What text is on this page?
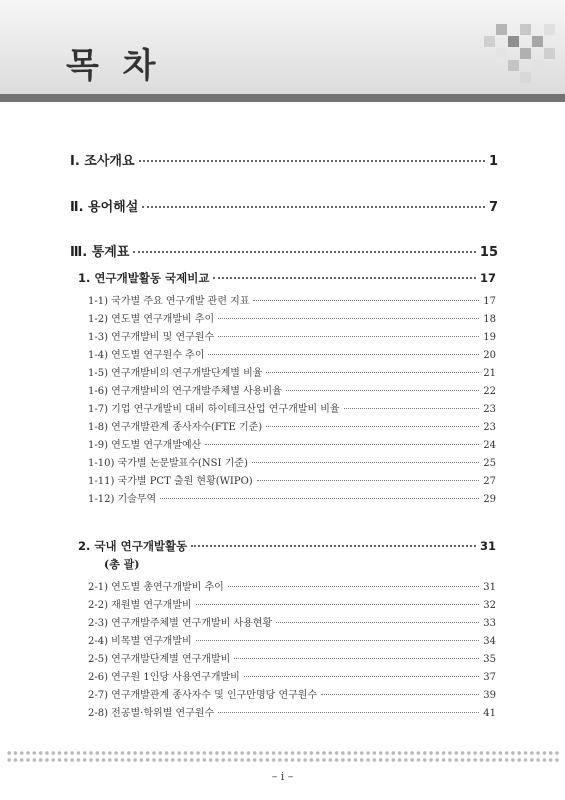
목 차
Ⅰ. 조사개요	1
Ⅱ. 용어해설	7
Ⅲ. 통계표	15
1. 연구개발활동 국제비교	17
1-1) 국가별 주요 연구개발 관련 지표	17
1-2) 연도별 연구개발비 추이	18
1-3) 연구개발비 및 연구원수	19
1-4) 연도별 연구원수 추이	20
1-5) 연구개발비의 연구개발단계별 비율	21
1-6) 연구개발비의 연구개발주체별 사용비율	22
1-7) 기업 연구개발비 대비 하이테크산업 연구개발비 비율	23
1-8) 연구개발관계 종사자수(FTE 기준)	23
1-9) 연도별 연구개발예산	24
1-10) 국가별 논문발표수(NSI 기준)	25
1-11) 국가별 PCT 출원 현황(WIPO)	27
1-12) 기술무역	29
2. 국내 연구개발활동	31
(총 괄)
2-1) 연도별 총연구개발비 추이	31
2-2) 재원별 연구개발비	32
2-3) 연구개발주체별 연구개발비 사용현황	33
2-4) 비목별 연구개발비	34
2-5) 연구개발단계별 연구개발비	35
2-6) 연구원 1인당 사용연구개발비	37
2-7) 연구개발관계 종사자수 및 인구만명당 연구원수	39
2-8) 전공별·학위별 연구원수	41
– i –
